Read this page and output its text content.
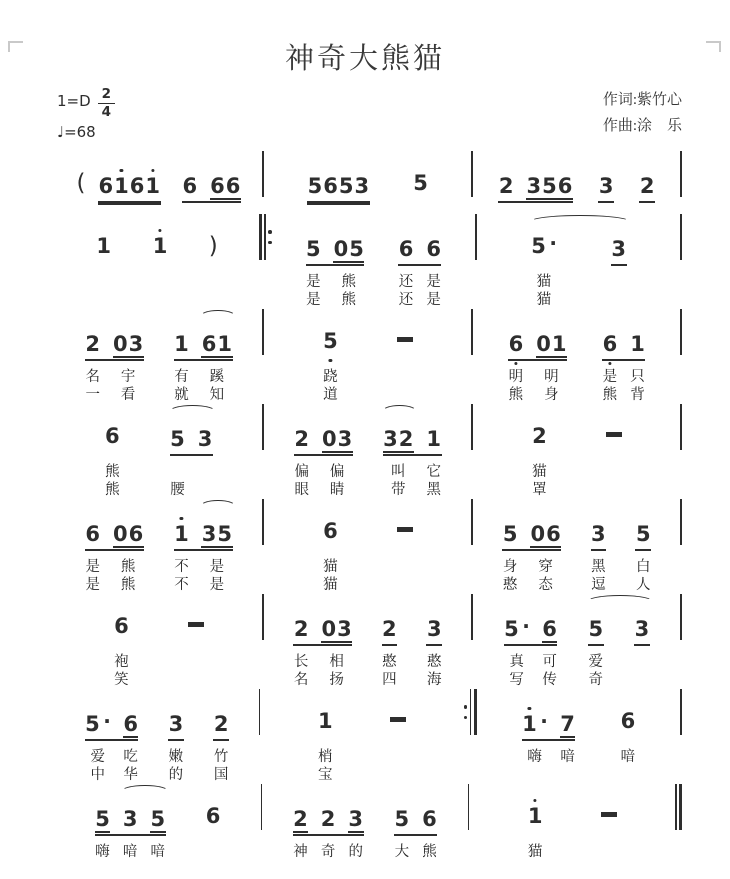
神奇大熊猫
$1=D \frac{2}{4}$
♩=68
作词:紫竹心
作曲:涂　乐
( 6 1 6 1 6 6 6	5 6 5 3 5	2 3 5 6 3 2
1 1 )	5 0 5 6 6
是 熊	还 是
是 熊	还 是
5 ·	3
猫
猫
2 0 3 1 6 1
名 宇	有 蹊
一 看	就 知
5
跷
道
6 0 1 6 1
明 明	是 只
熊 身	熊 背
6 5 3
熊
熊	腰
2 0 3 3 2 1
偏 偏	叫 它
眼 睛	带 黑
2
猫
罩
6 0 6 1 3 5
是 熊	不 是
是 熊	不 是
6
猫
猫
5 0 6 3 5
身 穿	黑 白
憨 态	逗 人
6
袍
笑
2 0 3 2 3
长 相	憨 憨
名 扬	四 海
5 · 6 5 3
真 可 爱
写 传 奇
5 · 6 3 2
爱 吃 嫩 竹
中 华 的 国
1
梢
宝
1 · 7 6
嗨 喑	喑
5 3 5 6
嗨 喑 喑
2 2 3 5 6
神 奇 的 大 熊
1
猫
